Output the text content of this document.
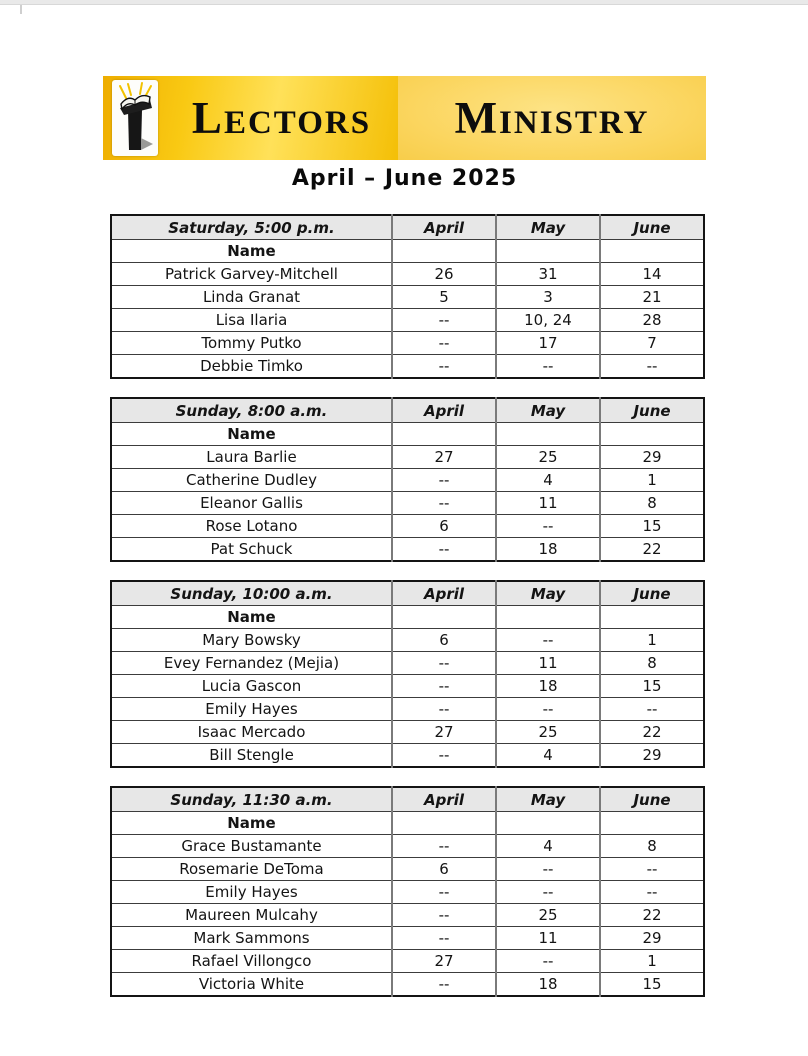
LECTORS	MINISTRY
April – June 2025
Saturday, 5:00 p.m.	April	May	June
Name			
Patrick Garvey-Mitchell	26	31	14
Linda Granat	5	3	21
Lisa Ilaria	--	10, 24	28
Tommy Putko	--	17	7
Debbie Timko	--	--	--
Sunday, 8:00 a.m.	April	May	June
Name			
Laura Barlie	27	25	29
Catherine Dudley	--	4	1
Eleanor Gallis	--	11	8
Rose Lotano	6	--	15
Pat Schuck	--	18	22
Sunday, 10:00 a.m.	April	May	June
Name			
Mary Bowsky	6	--	1
Evey Fernandez (Mejia)	--	11	8
Lucia Gascon	--	18	15
Emily Hayes	--	--	--
Isaac Mercado	27	25	22
Bill Stengle	--	4	29
Sunday, 11:30 a.m.	April	May	June
Name			
Grace Bustamante	--	4	8
Rosemarie DeToma	6	--	--
Emily Hayes	--	--	--
Maureen Mulcahy	--	25	22
Mark Sammons	--	11	29
Rafael Villongco	27	--	1
Victoria White	--	18	15
